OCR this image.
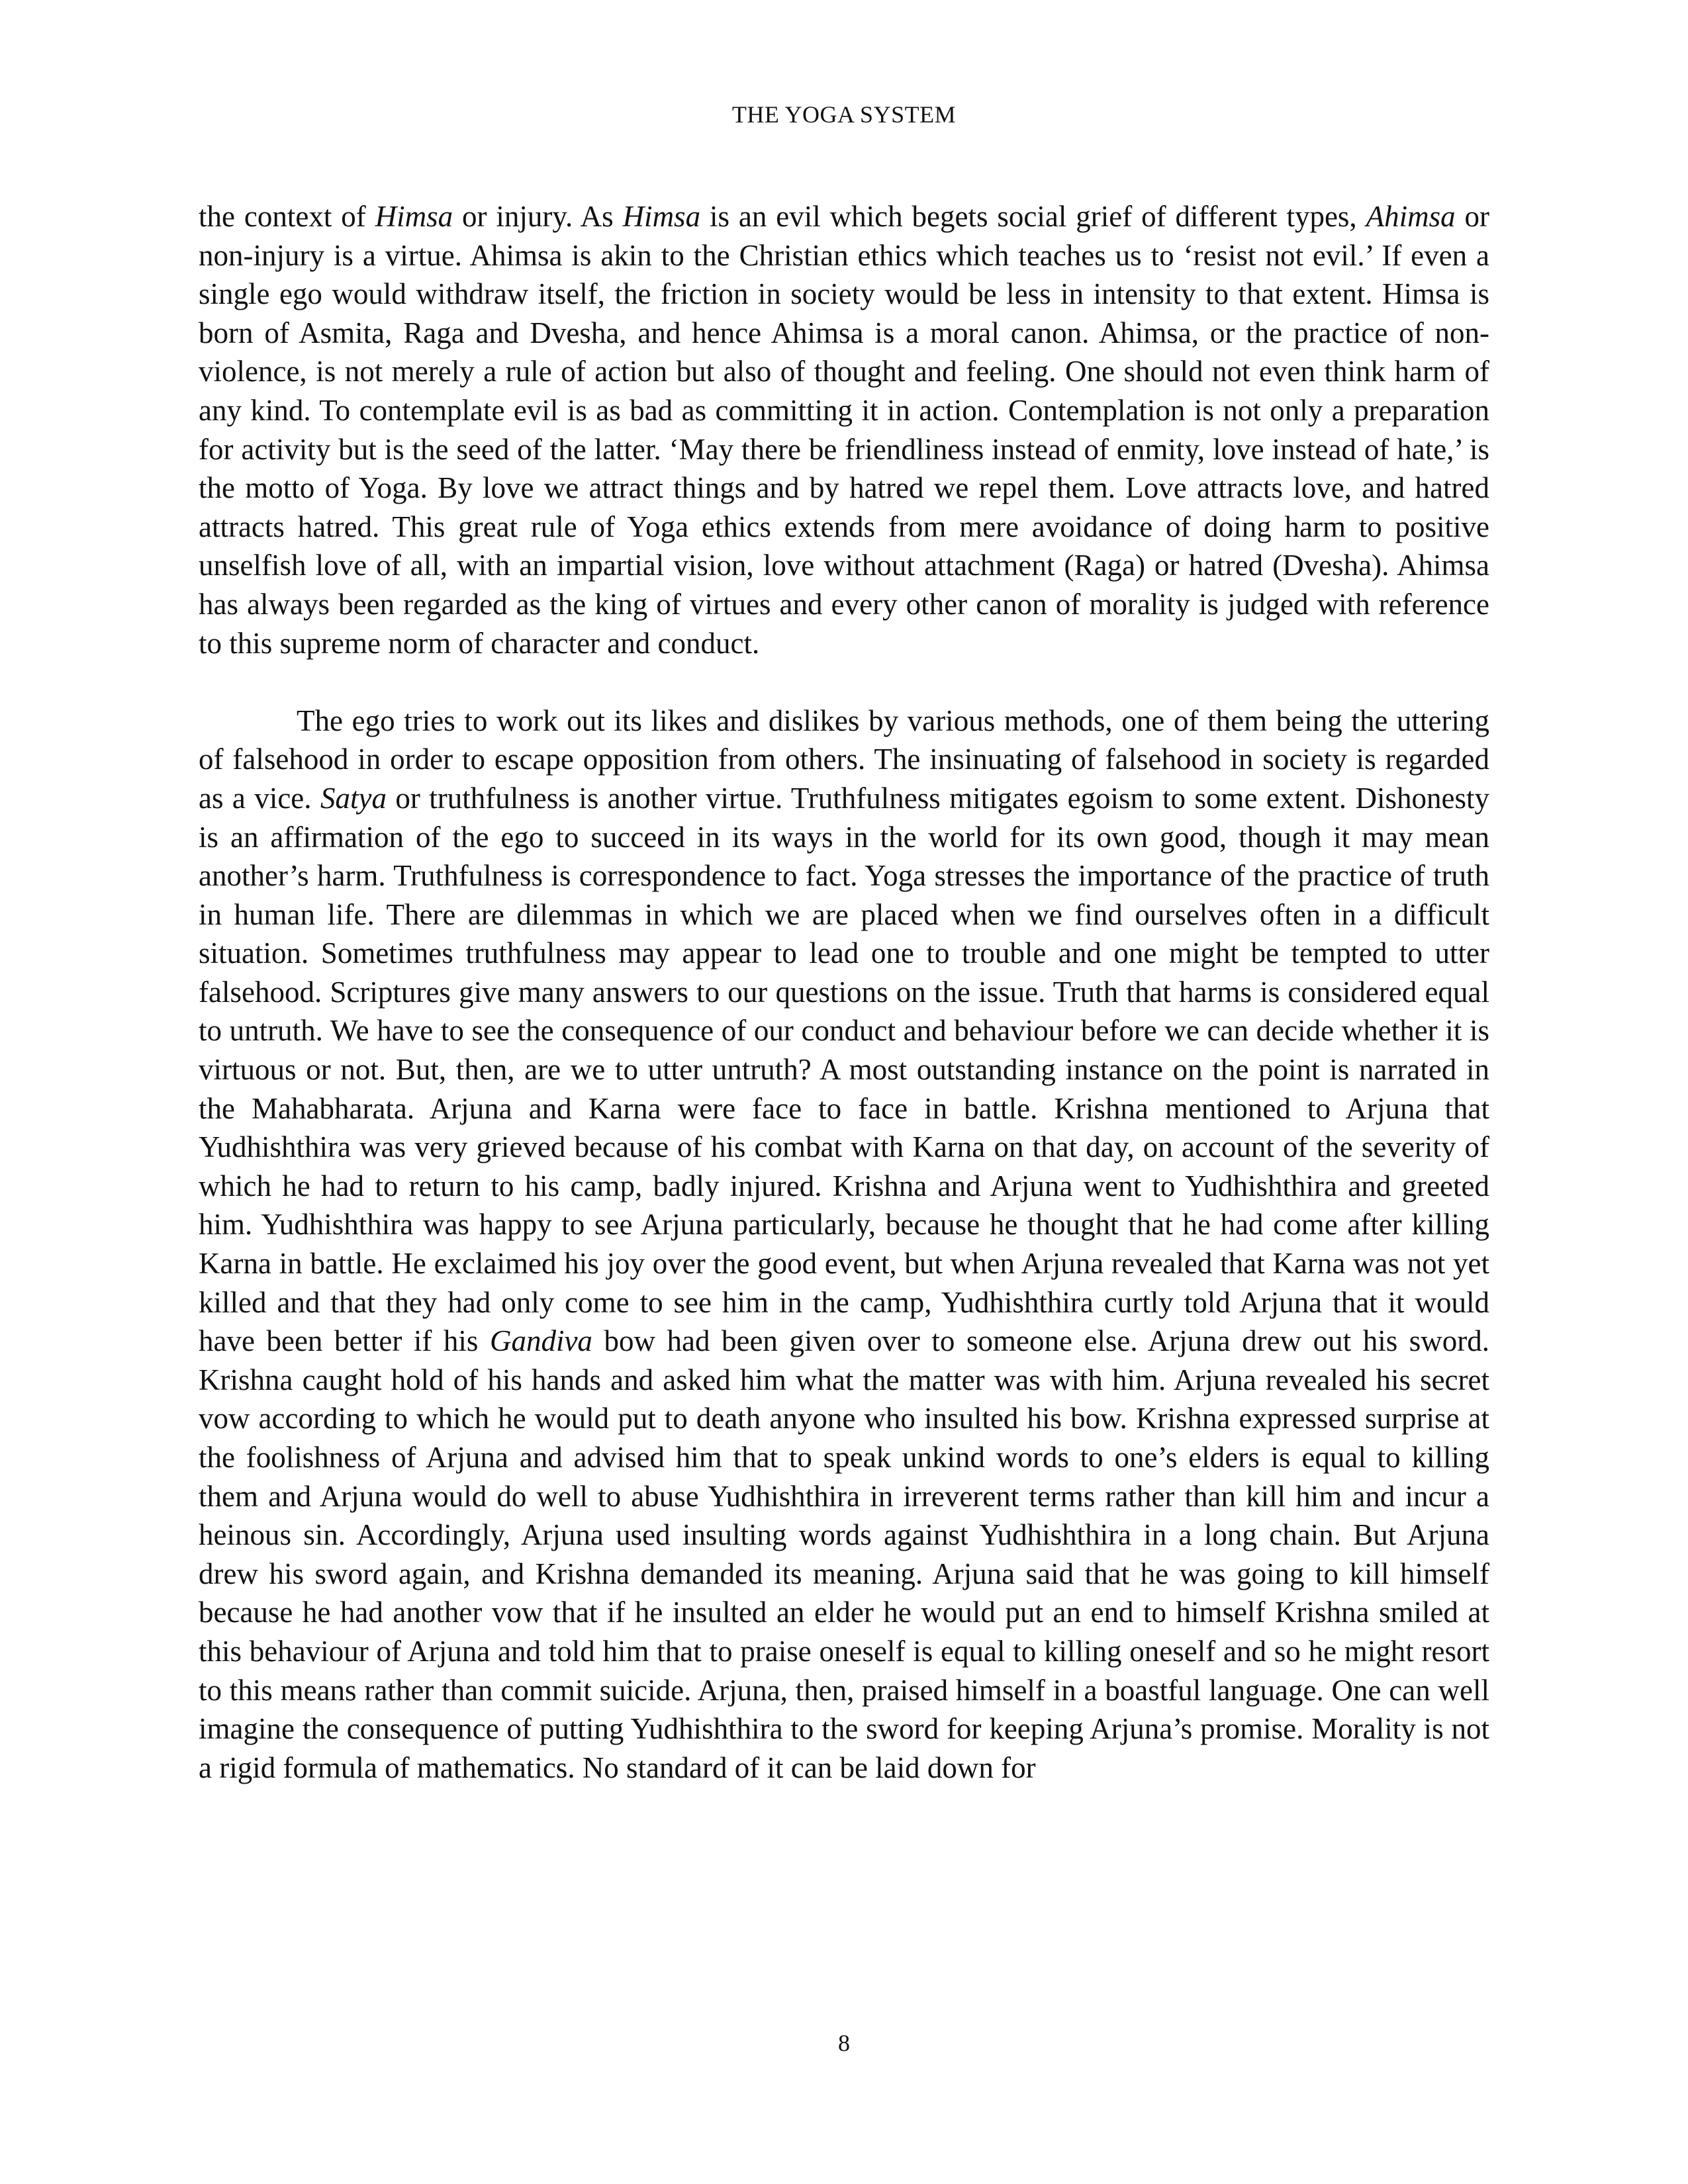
THE YOGA SYSTEM

the context of Himsa or injury. As Himsa is an evil which begets social grief of different types, Ahimsa or non-injury is a virtue. Ahimsa is akin to the Christian ethics which teaches us to ‘resist not evil.’ If even a single ego would withdraw itself, the friction in society would be less in intensity to that extent. Himsa is born of Asmita, Raga and Dvesha, and hence Ahimsa is a moral canon. Ahimsa, or the practice of non-violence, is not merely a rule of action but also of thought and feeling. One should not even think harm of any kind. To contemplate evil is as bad as committing it in action. Contemplation is not only a preparation for activity but is the seed of the latter. ‘May there be friendliness instead of enmity, love instead of hate,’ is the motto of Yoga. By love we attract things and by hatred we repel them. Love attracts love, and hatred attracts hatred. This great rule of Yoga ethics extends from mere avoidance of doing harm to positive unselfish love of all, with an impartial vision, love without attachment (Raga) or hatred (Dvesha). Ahimsa has always been regarded as the king of virtues and every other canon of morality is judged with reference to this supreme norm of character and conduct.

The ego tries to work out its likes and dislikes by various methods, one of them being the uttering of falsehood in order to escape opposition from others. The insinuating of falsehood in society is regarded as a vice. Satya or truthfulness is another virtue. Truthfulness mitigates egoism to some extent. Dishonesty is an affirmation of the ego to succeed in its ways in the world for its own good, though it may mean another’s harm. Truthfulness is correspondence to fact. Yoga stresses the importance of the practice of truth in human life. There are dilemmas in which we are placed when we find ourselves often in a difficult situation. Sometimes truthfulness may appear to lead one to trouble and one might be tempted to utter falsehood. Scriptures give many answers to our questions on the issue. Truth that harms is considered equal to untruth. We have to see the consequence of our conduct and behaviour before we can decide whether it is virtuous or not. But, then, are we to utter untruth? A most outstanding instance on the point is narrated in the Mahabharata. Arjuna and Karna were face to face in battle. Krishna mentioned to Arjuna that Yudhishthira was very grieved because of his combat with Karna on that day, on account of the severity of which he had to return to his camp, badly injured. Krishna and Arjuna went to Yudhishthira and greeted him. Yudhishthira was happy to see Arjuna particularly, because he thought that he had come after killing Karna in battle. He exclaimed his joy over the good event, but when Arjuna revealed that Karna was not yet killed and that they had only come to see him in the camp, Yudhishthira curtly told Arjuna that it would have been better if his Gandiva bow had been given over to someone else. Arjuna drew out his sword. Krishna caught hold of his hands and asked him what the matter was with him. Arjuna revealed his secret vow according to which he would put to death anyone who insulted his bow. Krishna expressed surprise at the foolishness of Arjuna and advised him that to speak unkind words to one’s elders is equal to killing them and Arjuna would do well to abuse Yudhishthira in irreverent terms rather than kill him and incur a heinous sin. Accordingly, Arjuna used insulting words against Yudhishthira in a long chain. But Arjuna drew his sword again, and Krishna demanded its meaning. Arjuna said that he was going to kill himself because he had another vow that if he insulted an elder he would put an end to himself Krishna smiled at this behaviour of Arjuna and told him that to praise oneself is equal to killing oneself and so he might resort to this means rather than commit suicide. Arjuna, then, praised himself in a boastful language. One can well imagine the consequence of putting Yudhishthira to the sword for keeping Arjuna’s promise. Morality is not a rigid formula of mathematics. No standard of it can be laid down for

8
